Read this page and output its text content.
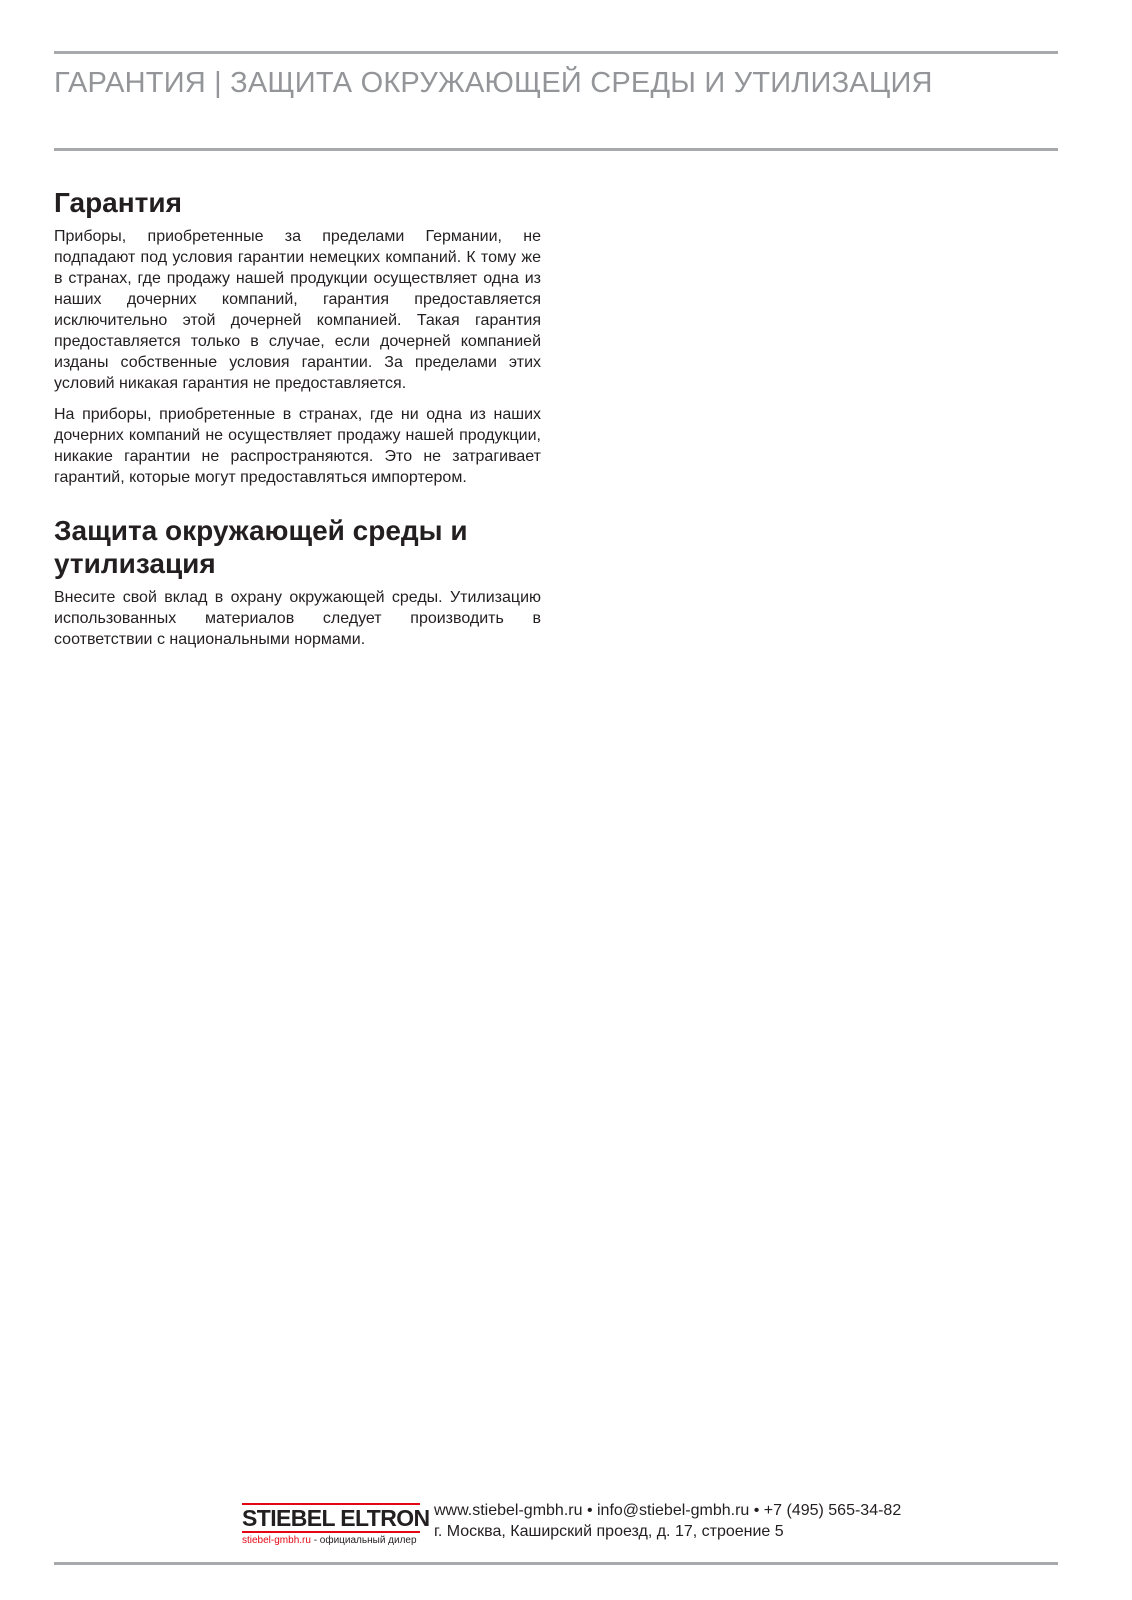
ГАРАНТИЯ | ЗАЩИТА ОКРУЖАЮЩЕЙ СРЕДЫ И УТИЛИЗАЦИЯ
Гарантия

Приборы, приобретенные за пределами Германии, не подпадают под условия гарантии немецких компаний. К тому же в странах, где продажу нашей продукции осуществляет одна из наших дочерних компаний, гарантия предоставляется исключительно этой дочерней компанией. Такая гарантия предоставляется только в случае, если дочерней компанией изданы собственные условия гарантии. За пределами этих условий никакая гарантия не предоставляется.

На приборы, приобретенные в странах, где ни одна из наших дочерних компаний не осуществляет продажу нашей продукции, никакие гарантии не распространяются. Это не затрагивает гарантий, которые могут предоставляться импортером.

Защита окружающей среды и утилизация

Внесите свой вклад в охрану окружающей среды. Утилизацию использованных материалов следует производить в соответствии с национальными нормами.

STIEBEL ELTRON
stiebel-gmbh.ru - официальный дилер
www.stiebel-gmbh.ru • info@stiebel-gmbh.ru • +7 (495) 565-34-82
г. Москва, Каширский проезд, д. 17, строение 5
